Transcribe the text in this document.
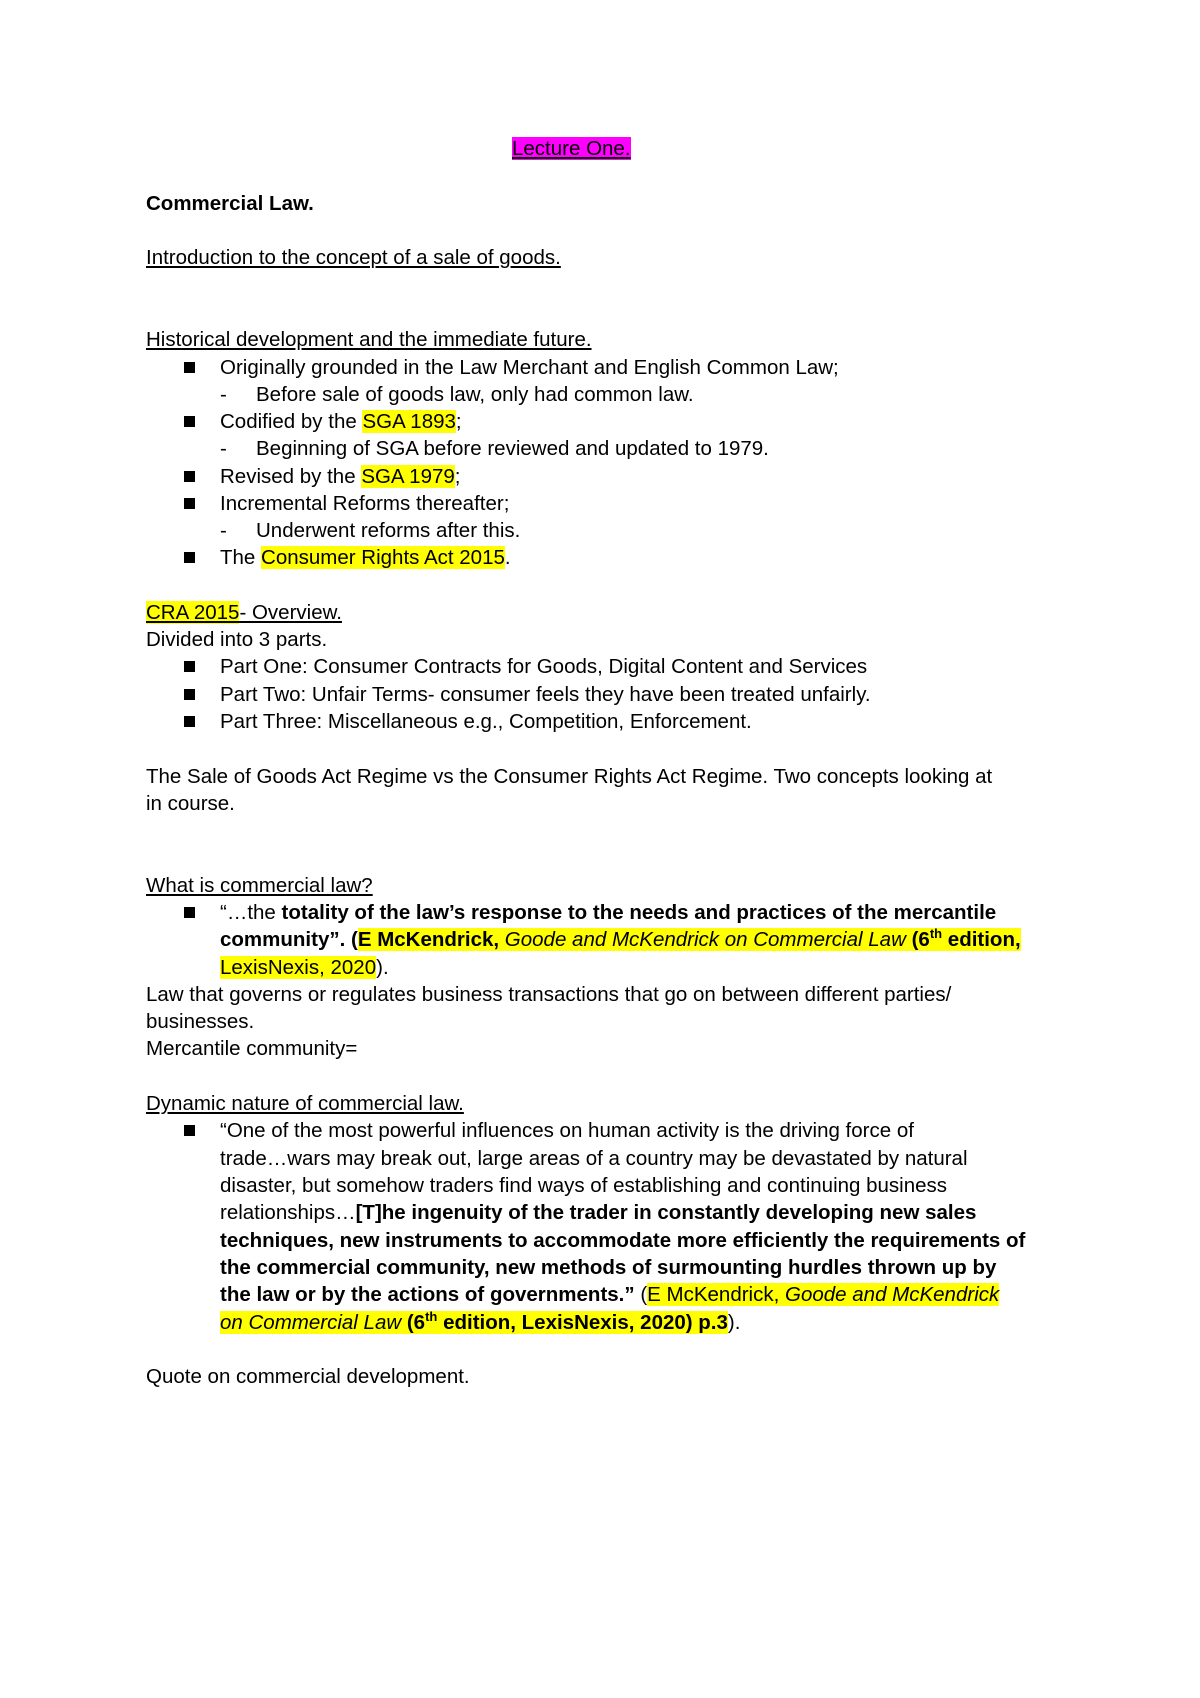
Lecture One.
Commercial Law.
Introduction to the concept of a sale of goods.
Historical development and the immediate future.
Originally grounded in the Law Merchant and English Common Law;
- Before sale of goods law, only had common law.
Codified by the SGA 1893;
- Beginning of SGA before reviewed and updated to 1979.
Revised by the SGA 1979;
Incremental Reforms thereafter;
- Underwent reforms after this.
The Consumer Rights Act 2015.
CRA 2015- Overview.
Divided into 3 parts.
Part One: Consumer Contracts for Goods, Digital Content and Services
Part Two: Unfair Terms- consumer feels they have been treated unfairly.
Part Three: Miscellaneous e.g., Competition, Enforcement.
The Sale of Goods Act Regime vs the Consumer Rights Act Regime. Two concepts looking at
in course.
What is commercial law?
“…the totality of the law’s response to the needs and practices of the mercantile
community”. (E McKendrick, Goode and McKendrick on Commercial Law (6th edition,
LexisNexis, 2020).
Law that governs or regulates business transactions that go on between different parties/
businesses.
Mercantile community=
Dynamic nature of commercial law.
“One of the most powerful influences on human activity is the driving force of
trade…wars may break out, large areas of a country may be devastated by natural
disaster, but somehow traders find ways of establishing and continuing business
relationships…[T]he ingenuity of the trader in constantly developing new sales
techniques, new instruments to accommodate more efficiently the requirements of
the commercial community, new methods of surmounting hurdles thrown up by
the law or by the actions of governments.” (E McKendrick, Goode and McKendrick
on Commercial Law (6th edition, LexisNexis, 2020) p.3).
Quote on commercial development.
